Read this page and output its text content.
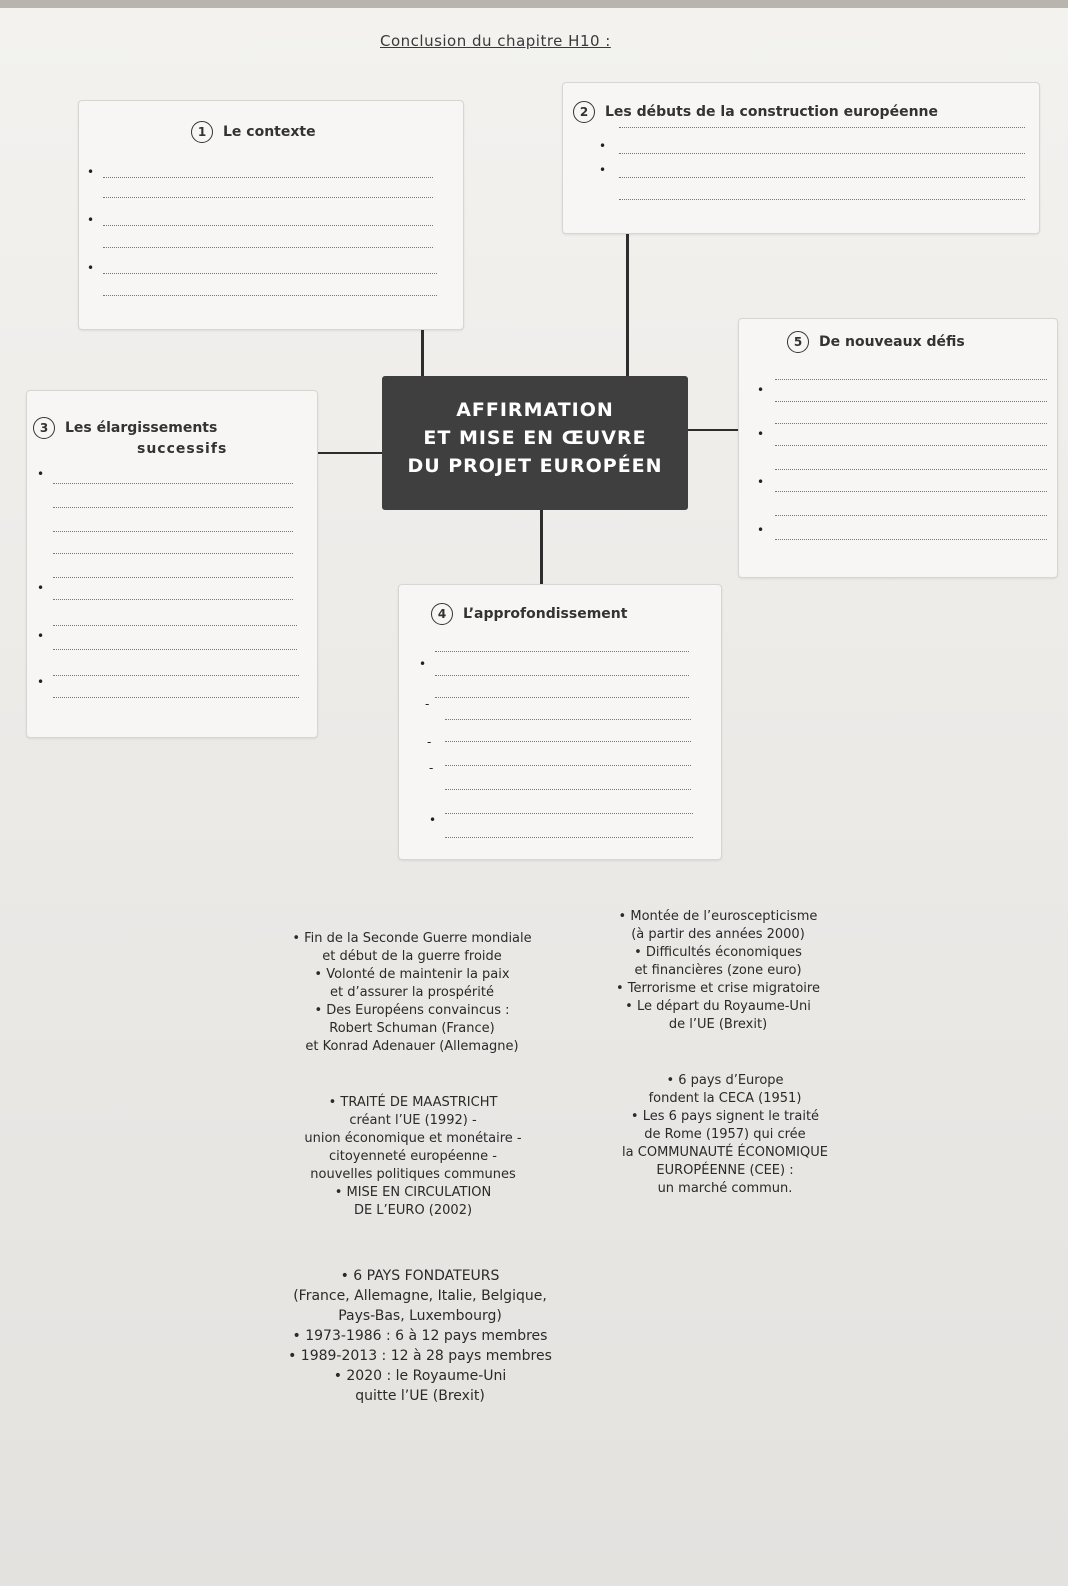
Conclusion du chapitre H10 :
1 Le contexte
•
•
•
2 Les débuts de la construction européenne
•
•
AFFIRMATION
ET MISE EN ŒUVRE
DU PROJET EUROPÉEN
3 Les élargissements
successifs
•
•
•
•
5 De nouveaux défis
•
•
•
•
4 L’approfondissement
•
-
-
-
•
• Fin de la Seconde Guerre mondiale
et début de la guerre froide
• Volonté de maintenir la paix
et d’assurer la prospérité
• Des Européens convaincus :
Robert Schuman (France)
et Konrad Adenauer (Allemagne)
• Montée de l’euroscepticisme
(à partir des années 2000)
• Difficultés économiques
et financières (zone euro)
• Terrorisme et crise migratoire
• Le départ du Royaume-Uni
de l’UE (Brexit)
• TRAITÉ DE MAASTRICHT
créant l’UE (1992) -
union économique et monétaire -
citoyenneté européenne -
nouvelles politiques communes
• MISE EN CIRCULATION
DE L’EURO (2002)
• 6 pays d’Europe
fondent la CECA (1951)
• Les 6 pays signent le traité
de Rome (1957) qui crée
la COMMUNAUTÉ ÉCONOMIQUE
EUROPÉENNE (CEE) :
un marché commun.
• 6 PAYS FONDATEURS
(France, Allemagne, Italie, Belgique,
Pays-Bas, Luxembourg)
• 1973-1986 : 6 à 12 pays membres
• 1989-2013 : 12 à 28 pays membres
• 2020 : le Royaume-Uni
quitte l’UE (Brexit)
